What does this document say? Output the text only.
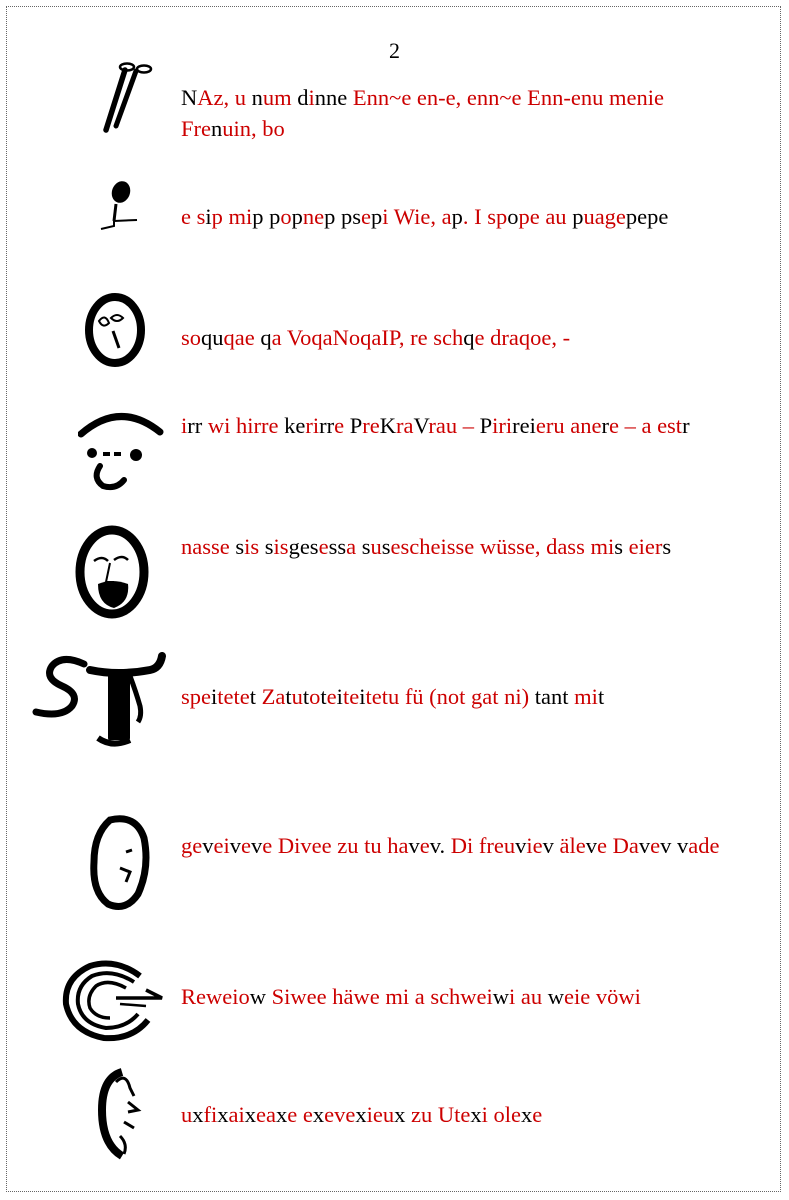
2
NAz, u num dinne Enn~e en-e, enn~e Enn-enu menie Frenuin, bo
e sip mip popnep psepi Wie, ap. I spope au puagepepe
soquqae qa VoqaNoqaIP, re schqe draqoe, -
irr wi hirre kerirre PreKraVrau – Pirireieru anere – a estr
nasse sis sisgesessa susescheisse wüsse, dass mis eiers
speitetet Zatutoteiteitetu fü (not gat ni) tant mit
geveiveve Divee zu tu havev. Di freuviev äleve Davev vade
Reweiow Siwee häwe mi a schweiwi au weie vöwi
uxfixaixeaxe exevexieux zu Utexi olexe
